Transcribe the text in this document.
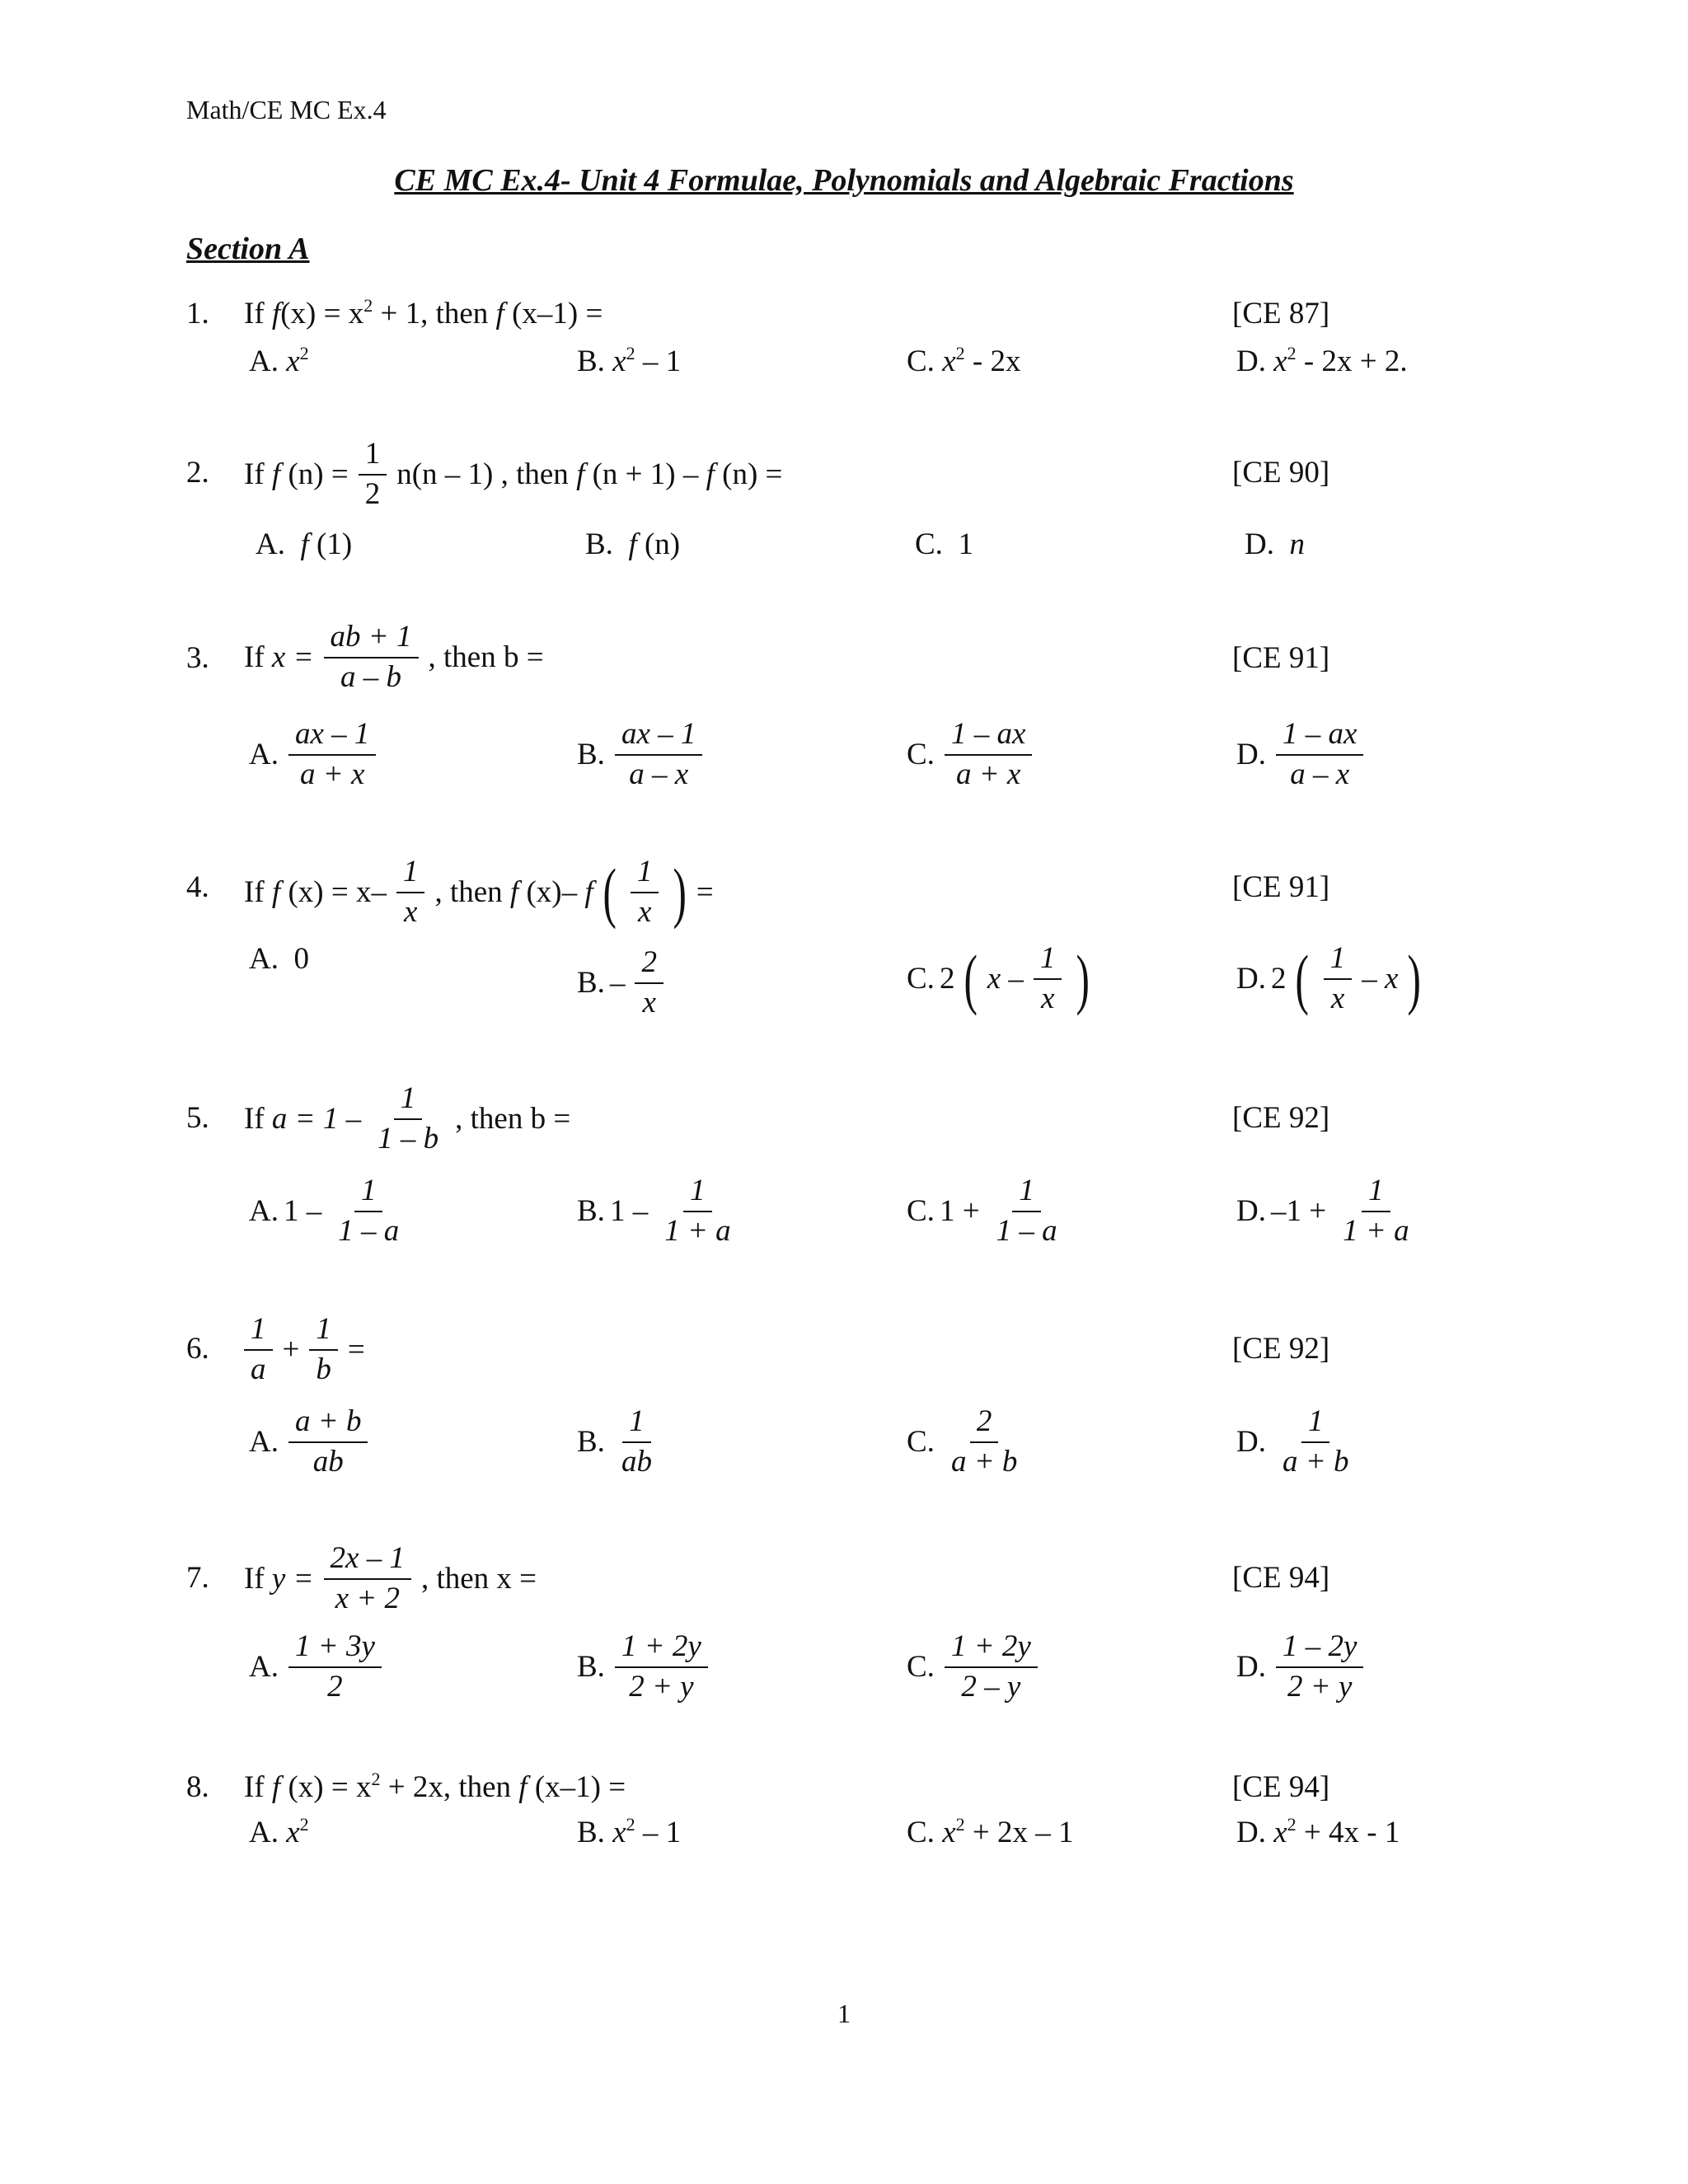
Math/CE MC Ex.4
CE MC Ex.4- Unit 4 Formulae, Polynomials and Algebraic Fractions
Section A
1. If $f(x) = x^2 + 1$, then f (x–1) =	[CE 87]
A. $x^2$	B. $x^2 - 1$	C. $x^2 - 2x$	D. $x^2 - 2x + 2$.
2. If f $(n) = \frac{1}{2} n(n - 1)$ , then f (n + 1) – f (n) =	[CE 90]
A. f (1)	B. f (n)	C. 1	D. n
3. If $x = \frac{ab + 1}{a - b}$ , then b =	[CE 91]
A. $\frac{ax - 1}{a + x}$	B. $\frac{ax - 1}{a - x}$	C. $\frac{1 - ax}{a + x}$	D. $\frac{1 - ax}{a - x}$
4. If f $(x) = x- \frac{1}{x}$ , then f (x)– f ( $\frac{1}{x}$ ) =	[CE 91]
A. 0
B. – $\frac{2}{x}$	C. 2 ( x – $\frac{1}{x}$ )	D. 2 ( $\frac{1}{x}$ – x )
5. If $a = 1 - \frac{1}{1 - b}$ , then b =	[CE 92]
A. $1 - \frac{1}{1 - a}$	B. $1 - \frac{1}{1 + a}$	C. $1 + \frac{1}{1 - a}$	D. $-1 + \frac{1}{1 + a}$
6. $\frac{1}{a} + \frac{1}{b}$ =	[CE 92]
A. $\frac{a + b}{ab}$	B. $\frac{1}{ab}$	C. $\frac{2}{a + b}$	D. $\frac{1}{a + b}$
7. If $y = \frac{2x - 1}{x + 2}$ , then x =	[CE 94]
A. $\frac{1 + 3y}{2}$	B. $\frac{1 + 2y}{2 + y}$	C. $\frac{1 + 2y}{2 - y}$	D. $\frac{1 - 2y}{2 + y}$
8. If f $(x) = x^2 + 2x$, then f (x–1) =	[CE 94]
A. $x^2$	B. $x^2 - 1$	C. $x^2 + 2x - 1$	D. $x^2 + 4x - 1$
1
